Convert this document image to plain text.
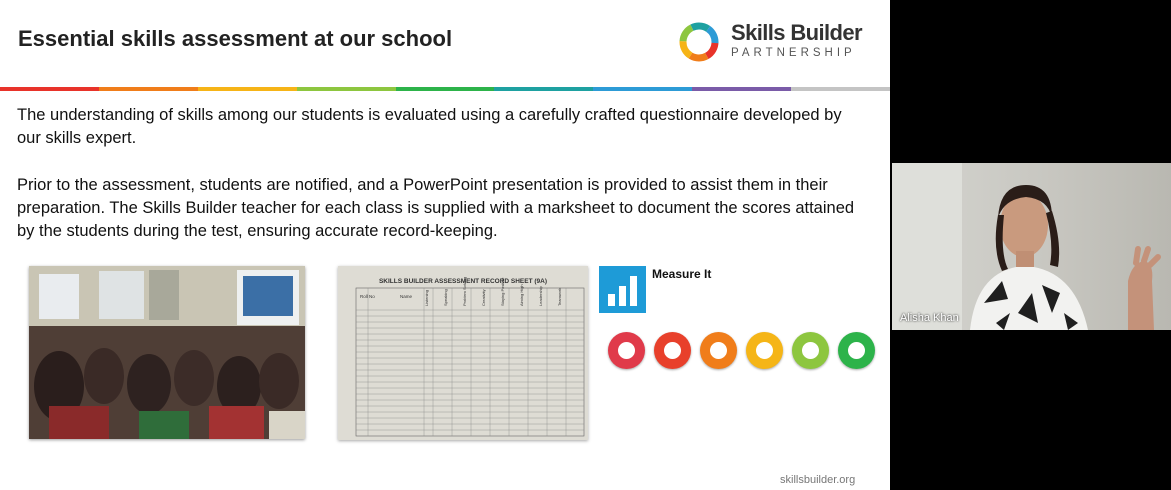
Essential skills assessment at our school	Skills Builder
PARTNERSHIP
The understanding of skills among our students is evaluated using a carefully crafted questionnaire developed by our skills expert.
Prior to the assessment, students are notified, and a PowerPoint presentation is provided to assist them in their preparation. The Skills Builder teacher for each class is supplied with a marksheet to document the scores attained by the students during the test, ensuring accurate record-keeping.
SKILLS BUILDER ASSESSMENT RECORD SHEET (9A)
Roll No	Name	Listening	Speaking	Problem Solving	Creativity	Staying Positive	Aiming High	Leadership	Teamwork
Measure It
skillsbuilder.org
Alisha Khan
